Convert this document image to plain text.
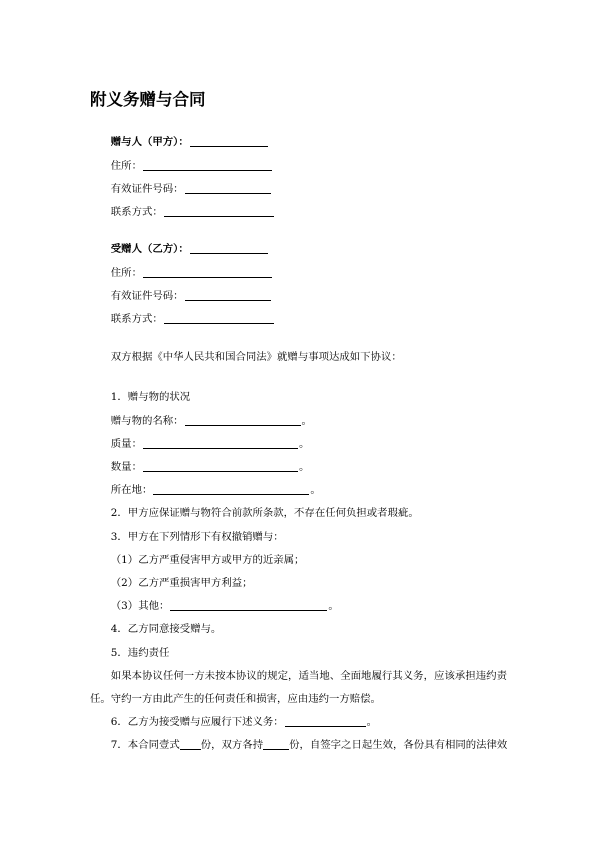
附义务赠与合同

赠与人（甲方）：

住所：

有效证件号码：

联系方式：

受赠人（乙方）：

住所：

有效证件号码：

联系方式：

双方根据《中华人民共和国合同法》就赠与事项达成如下协议：

1．赠与物的状况

赠与物的名称：	。

质量：	。

数量：	。

所在地：	。

2．甲方应保证赠与物符合前款所条款，不存在任何负担或者瑕疵。

3．甲方在下列情形下有权撤销赠与：

（1）乙方严重侵害甲方或甲方的近亲属；

（2）乙方严重损害甲方利益；

（3）其他：	。

4．乙方同意接受赠与。

5．违约责任

如果本协议任何一方未按本协议的规定，适当地、全面地履行其义务，应该承担违约责任。守约一方由此产生的任何责任和损害，应由违约一方赔偿。

6．乙方为接受赠与应履行下述义务：	。

7．本合同壹式 份，双方各持	份，自签字之日起生效，各份具有相同的法律效
